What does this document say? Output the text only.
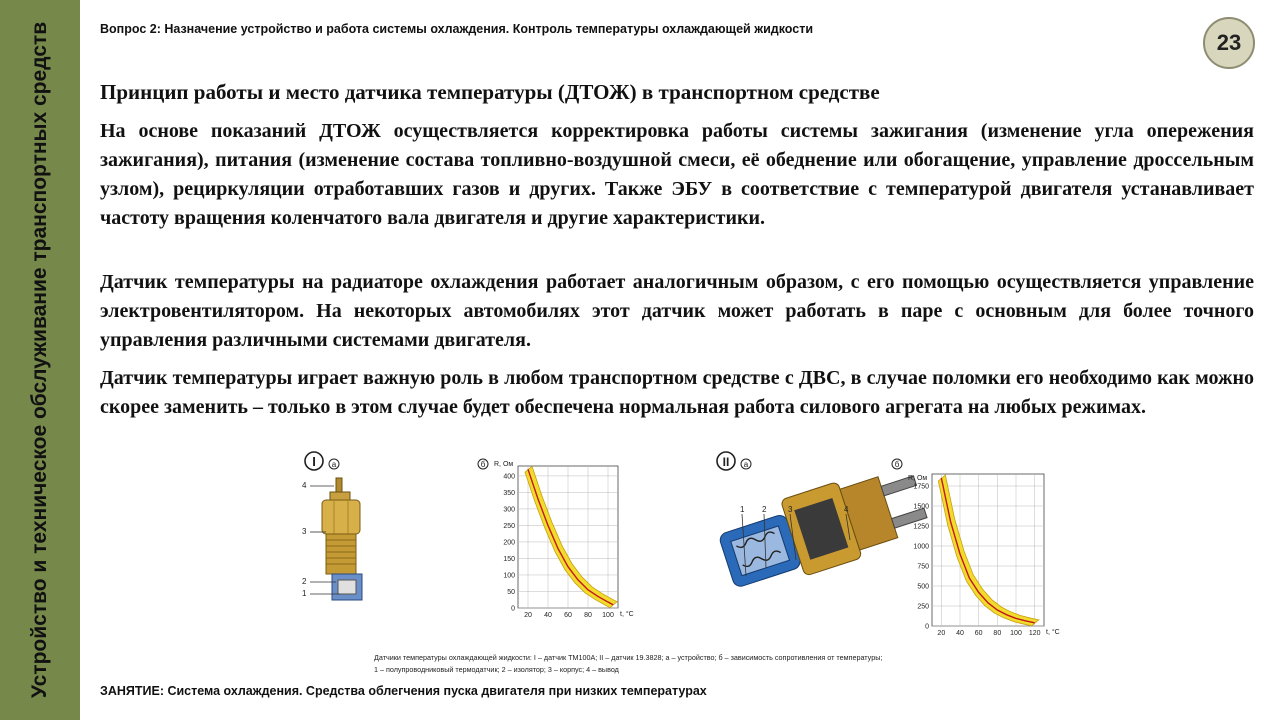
Устройство и техническое обслуживание транспортных средств	Вопрос 2: Назначение устройство и работа системы охлаждения. Контроль температуры охлаждающей жидкости
23
Принцип работы и место датчика температуры (ДТОЖ) в транспортном средстве
На основе показаний ДТОЖ осуществляется корректировка работы системы зажигания (изменение угла опережения зажигания), питания (изменение состава топливно-воздушной смеси, её обеднение или обогащение, управление дроссельным узлом), рециркуляции отработавших газов и других. Также ЭБУ в соответствие с температурой двигателя устанавливает частоту вращения коленчатого вала двигателя и другие характеристики.
Датчик температуры на радиаторе охлаждения работает аналогичным образом, с его помощью осуществляется управление электровентилятором. На некоторых автомобилях этот датчик может работать в паре с основным для более точного управления различными системами двигателя.
Датчик температуры играет важную роль в любом транспортном средстве с ДВС, в случае поломки его необходимо как можно скорее заменить – только в этом случае будет обеспечена нормальная работа силового агрегата на любых режимах.
I а
4
3
2
1
б R, Ом
0
50
100
150
200
250
300
350
400
20 40 60 80 100 t, °C
II а
1 2	3	4
б
R, Ом
0
250
500
750
1000
1250
1500
1750
20 40 60 80 100 120 t, °C
Датчики температуры охлаждающей жидкости: I – датчик ТМ100А; II – датчик 19.3828; а – устройство; б – зависимость сопротивления от температуры;
1 – полупроводниковый термодатчик; 2 – изолятор; 3 – корпус; 4 – вывод
ЗАНЯТИЕ: Система охлаждения. Средства облегчения пуска двигателя при низких температурах
